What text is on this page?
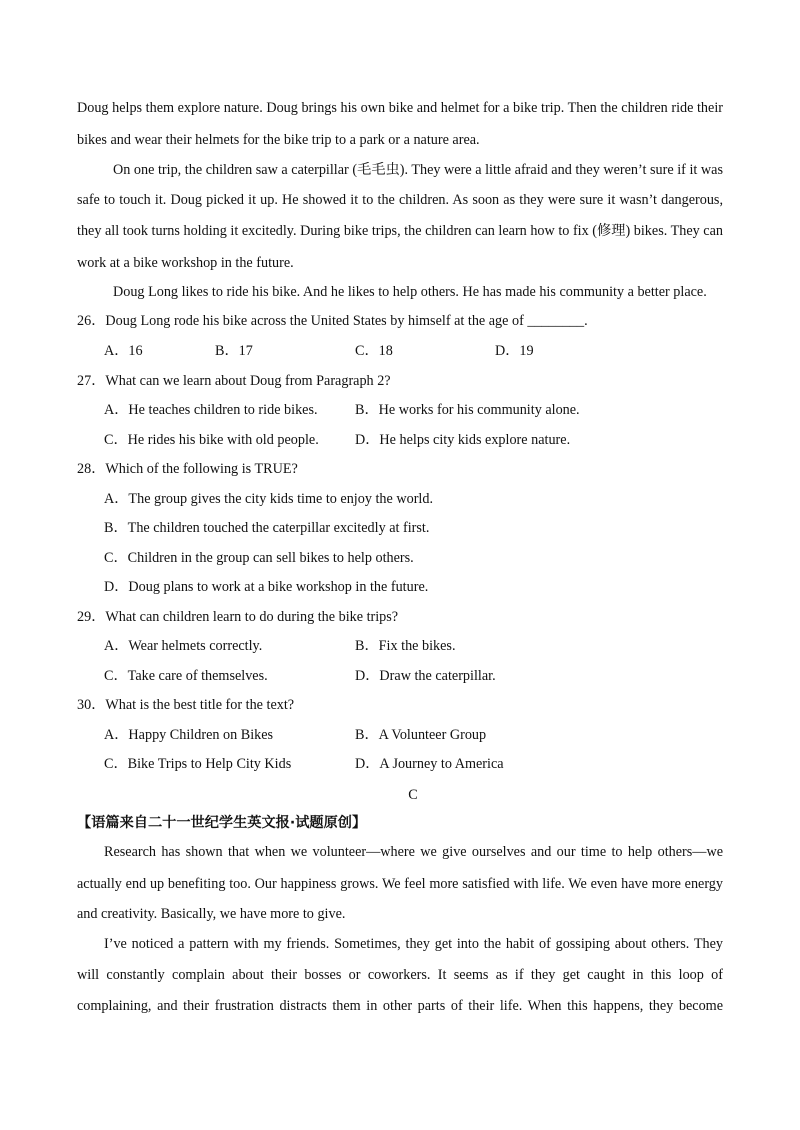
Doug helps them explore nature. Doug brings his own bike and helmet for a bike trip. Then the children ride their
bikes and wear their helmets for the bike trip to a park or a nature area.
On one trip, the children saw a caterpillar (毛毛虫). They were a little afraid and they weren’t sure if it was
safe to touch it. Doug picked it up. He showed it to the children. As soon as they were sure it wasn’t dangerous,
they all took turns holding it excitedly. During bike trips, the children can learn how to fix (修理) bikes. They can
work at a bike workshop in the future.
Doug Long likes to ride his bike. And he likes to help others. He has made his community a better place.
26．Doug Long rode his bike across the United States by himself at the age of ________.
A．16	B．17	C．18	D．19
27．What can we learn about Doug from Paragraph 2?
A．He teaches children to ride bikes.	B．He works for his community alone.
C．He rides his bike with old people.	D．He helps city kids explore nature.
28．Which of the following is TRUE?
A．The group gives the city kids time to enjoy the world.
B．The children touched the caterpillar excitedly at first.
C．Children in the group can sell bikes to help others.
D．Doug plans to work at a bike workshop in the future.
29．What can children learn to do during the bike trips?
A．Wear helmets correctly.	B．Fix the bikes.
C．Take care of themselves.	D．Draw the caterpillar.
30．What is the best title for the text?
A．Happy Children on Bikes	B．A Volunteer Group
C．Bike Trips to Help City Kids	D．A Journey to America
C
【语篇来自二十一世纪学生英文报·试题原创】
Research has shown that when we volunteer—where we give ourselves and our time to help others—we
actually end up benefiting too. Our happiness grows. We feel more satisfied with life. We even have more energy
and creativity. Basically, we have more to give.
I’ve noticed a pattern with my friends. Sometimes, they get into the habit of gossiping about others. They
will constantly complain about their bosses or coworkers. It seems as if they get caught in this loop of
complaining, and their frustration distracts them in other parts of their life. When this happens, they become
